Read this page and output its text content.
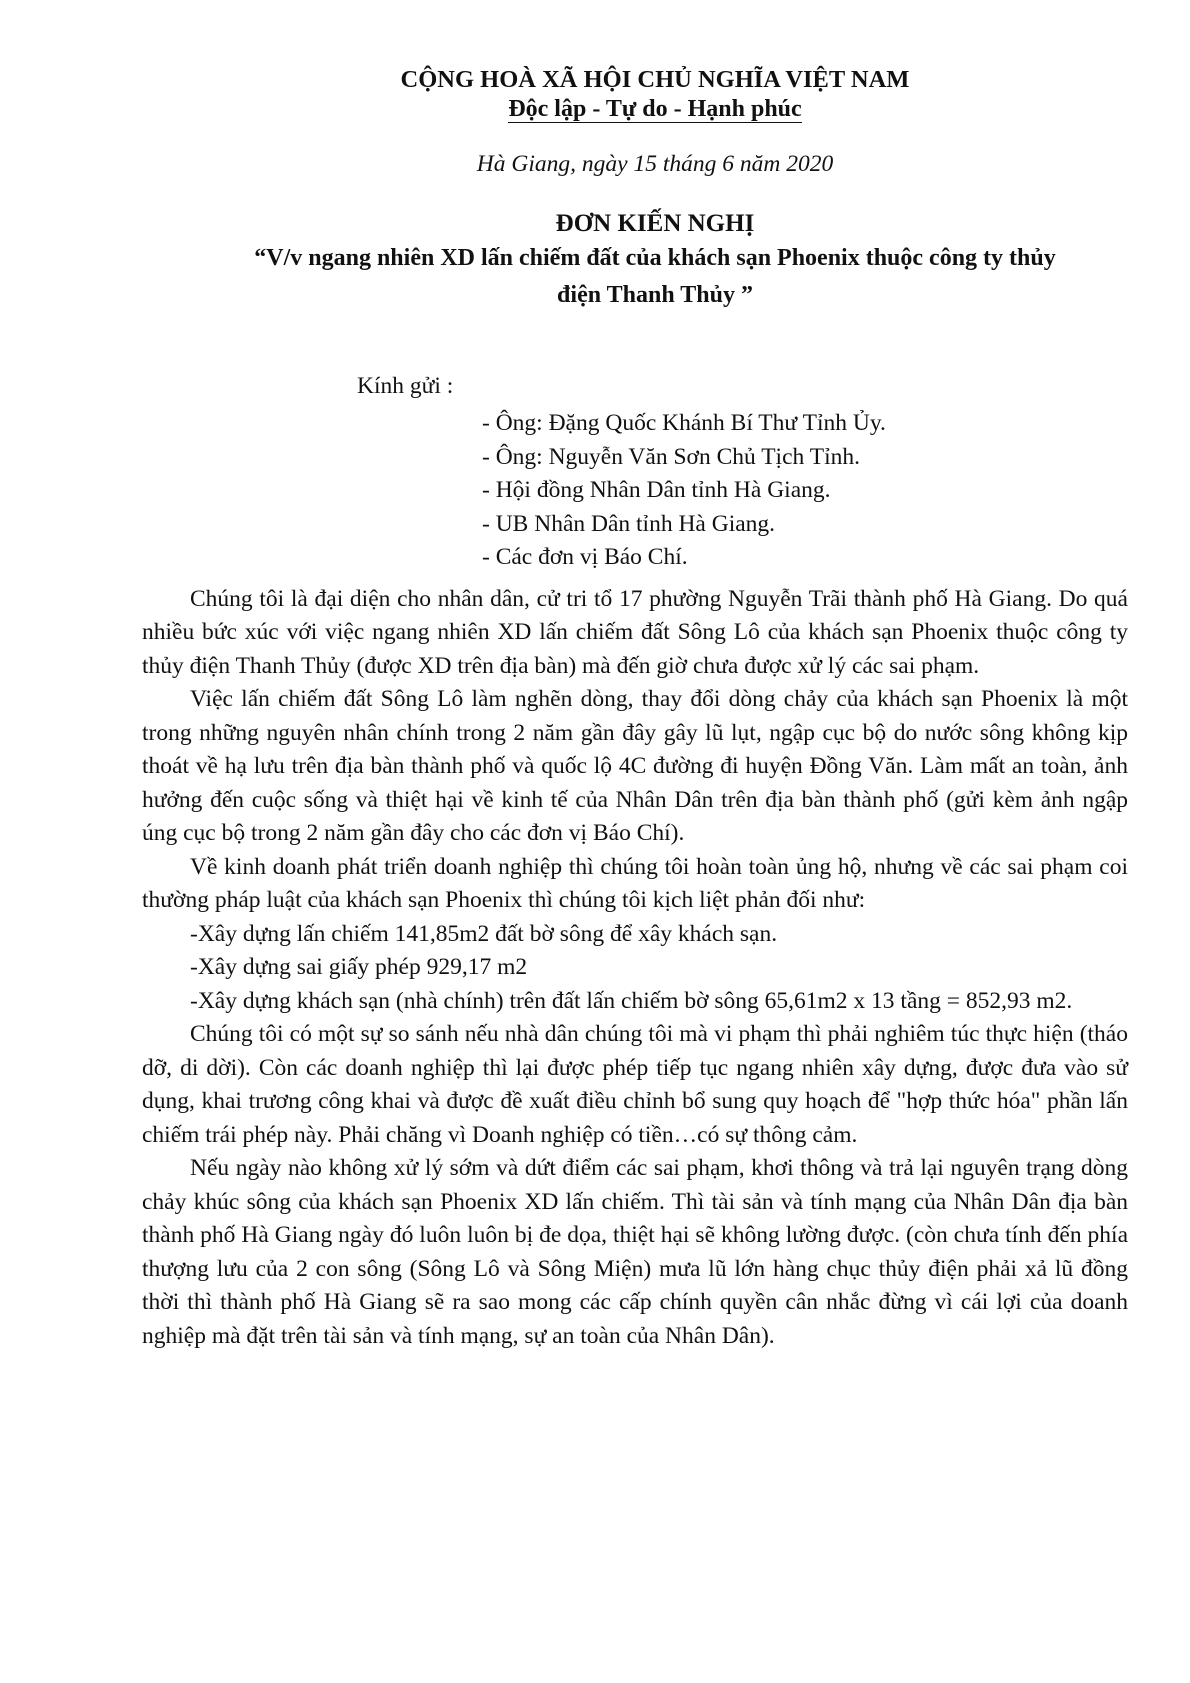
CỘNG HOÀ XÃ HỘI CHỦ NGHĨA VIỆT NAM
Độc lập - Tự do - Hạnh phúc
Hà Giang, ngày 15 tháng 6 năm 2020
ĐƠN KIẾN NGHỊ
“V/v ngang nhiên XD lấn chiếm đất của khách sạn Phoenix thuộc công ty thủy
điện Thanh Thủy ”
Kính gửi :
- Ông: Đặng Quốc Khánh Bí Thư Tỉnh Ủy.
- Ông: Nguyễn Văn Sơn Chủ Tịch Tỉnh.
- Hội đồng Nhân Dân tỉnh Hà Giang.
- UB Nhân Dân tỉnh Hà Giang.
- Các đơn vị Báo Chí.

Chúng tôi là đại diện cho nhân dân, cử tri tổ 17 phường Nguyễn Trãi thành phố Hà Giang. Do quá nhiều bức xúc với việc ngang nhiên XD lấn chiếm đất Sông Lô của khách sạn Phoenix thuộc công ty thủy điện Thanh Thủy (được XD trên địa bàn) mà đến giờ chưa được xử lý các sai phạm.

Việc lấn chiếm đất Sông Lô làm nghẽn dòng, thay đổi dòng chảy của khách sạn Phoenix là một trong những nguyên nhân chính trong 2 năm gần đây gây lũ lụt, ngập cục bộ do nước sông không kịp thoát về hạ lưu trên địa bàn thành phố và quốc lộ 4C đường đi huyện Đồng Văn. Làm mất an toàn, ảnh hưởng đến cuộc sống và thiệt hại về kinh tế của Nhân Dân trên địa bàn thành phố (gửi kèm ảnh ngập úng cục bộ trong 2 năm gần đây cho các đơn vị Báo Chí).

Về kinh doanh phát triển doanh nghiệp thì chúng tôi hoàn toàn ủng hộ, nhưng về các sai phạm coi thường pháp luật của khách sạn Phoenix thì chúng tôi kịch liệt phản đối như:

-Xây dựng lấn chiếm 141,85m2 đất bờ sông để xây khách sạn.

-Xây dựng sai giấy phép 929,17 m2

-Xây dựng khách sạn (nhà chính) trên đất lấn chiếm bờ sông 65,61m2 x 13 tầng = 852,93 m2.

Chúng tôi có một sự so sánh nếu nhà dân chúng tôi mà vi phạm thì phải nghiêm túc thực hiện (tháo dỡ, di dời). Còn các doanh nghiệp thì lại được phép tiếp tục ngang nhiên xây dựng, được đưa vào sử dụng, khai trương công khai và được đề xuất điều chỉnh bổ sung quy hoạch để "hợp thức hóa" phần lấn chiếm trái phép này. Phải chăng vì Doanh nghiệp có tiền…có sự thông cảm.

Nếu ngày nào không xử lý sớm và dứt điểm các sai phạm, khơi thông và trả lại nguyên trạng dòng chảy khúc sông của khách sạn Phoenix XD lấn chiếm. Thì tài sản và tính mạng của Nhân Dân địa bàn thành phố Hà Giang ngày đó luôn luôn bị đe dọa, thiệt hại sẽ không lường được. (còn chưa tính đến phía thượng lưu của 2 con sông (Sông Lô và Sông Miện) mưa lũ lớn hàng chục thủy điện phải xả lũ đồng thời thì thành phố Hà Giang sẽ ra sao mong các cấp chính quyền cân nhắc đừng vì cái lợi của doanh nghiệp mà đặt trên tài sản và tính mạng, sự an toàn của Nhân Dân).
